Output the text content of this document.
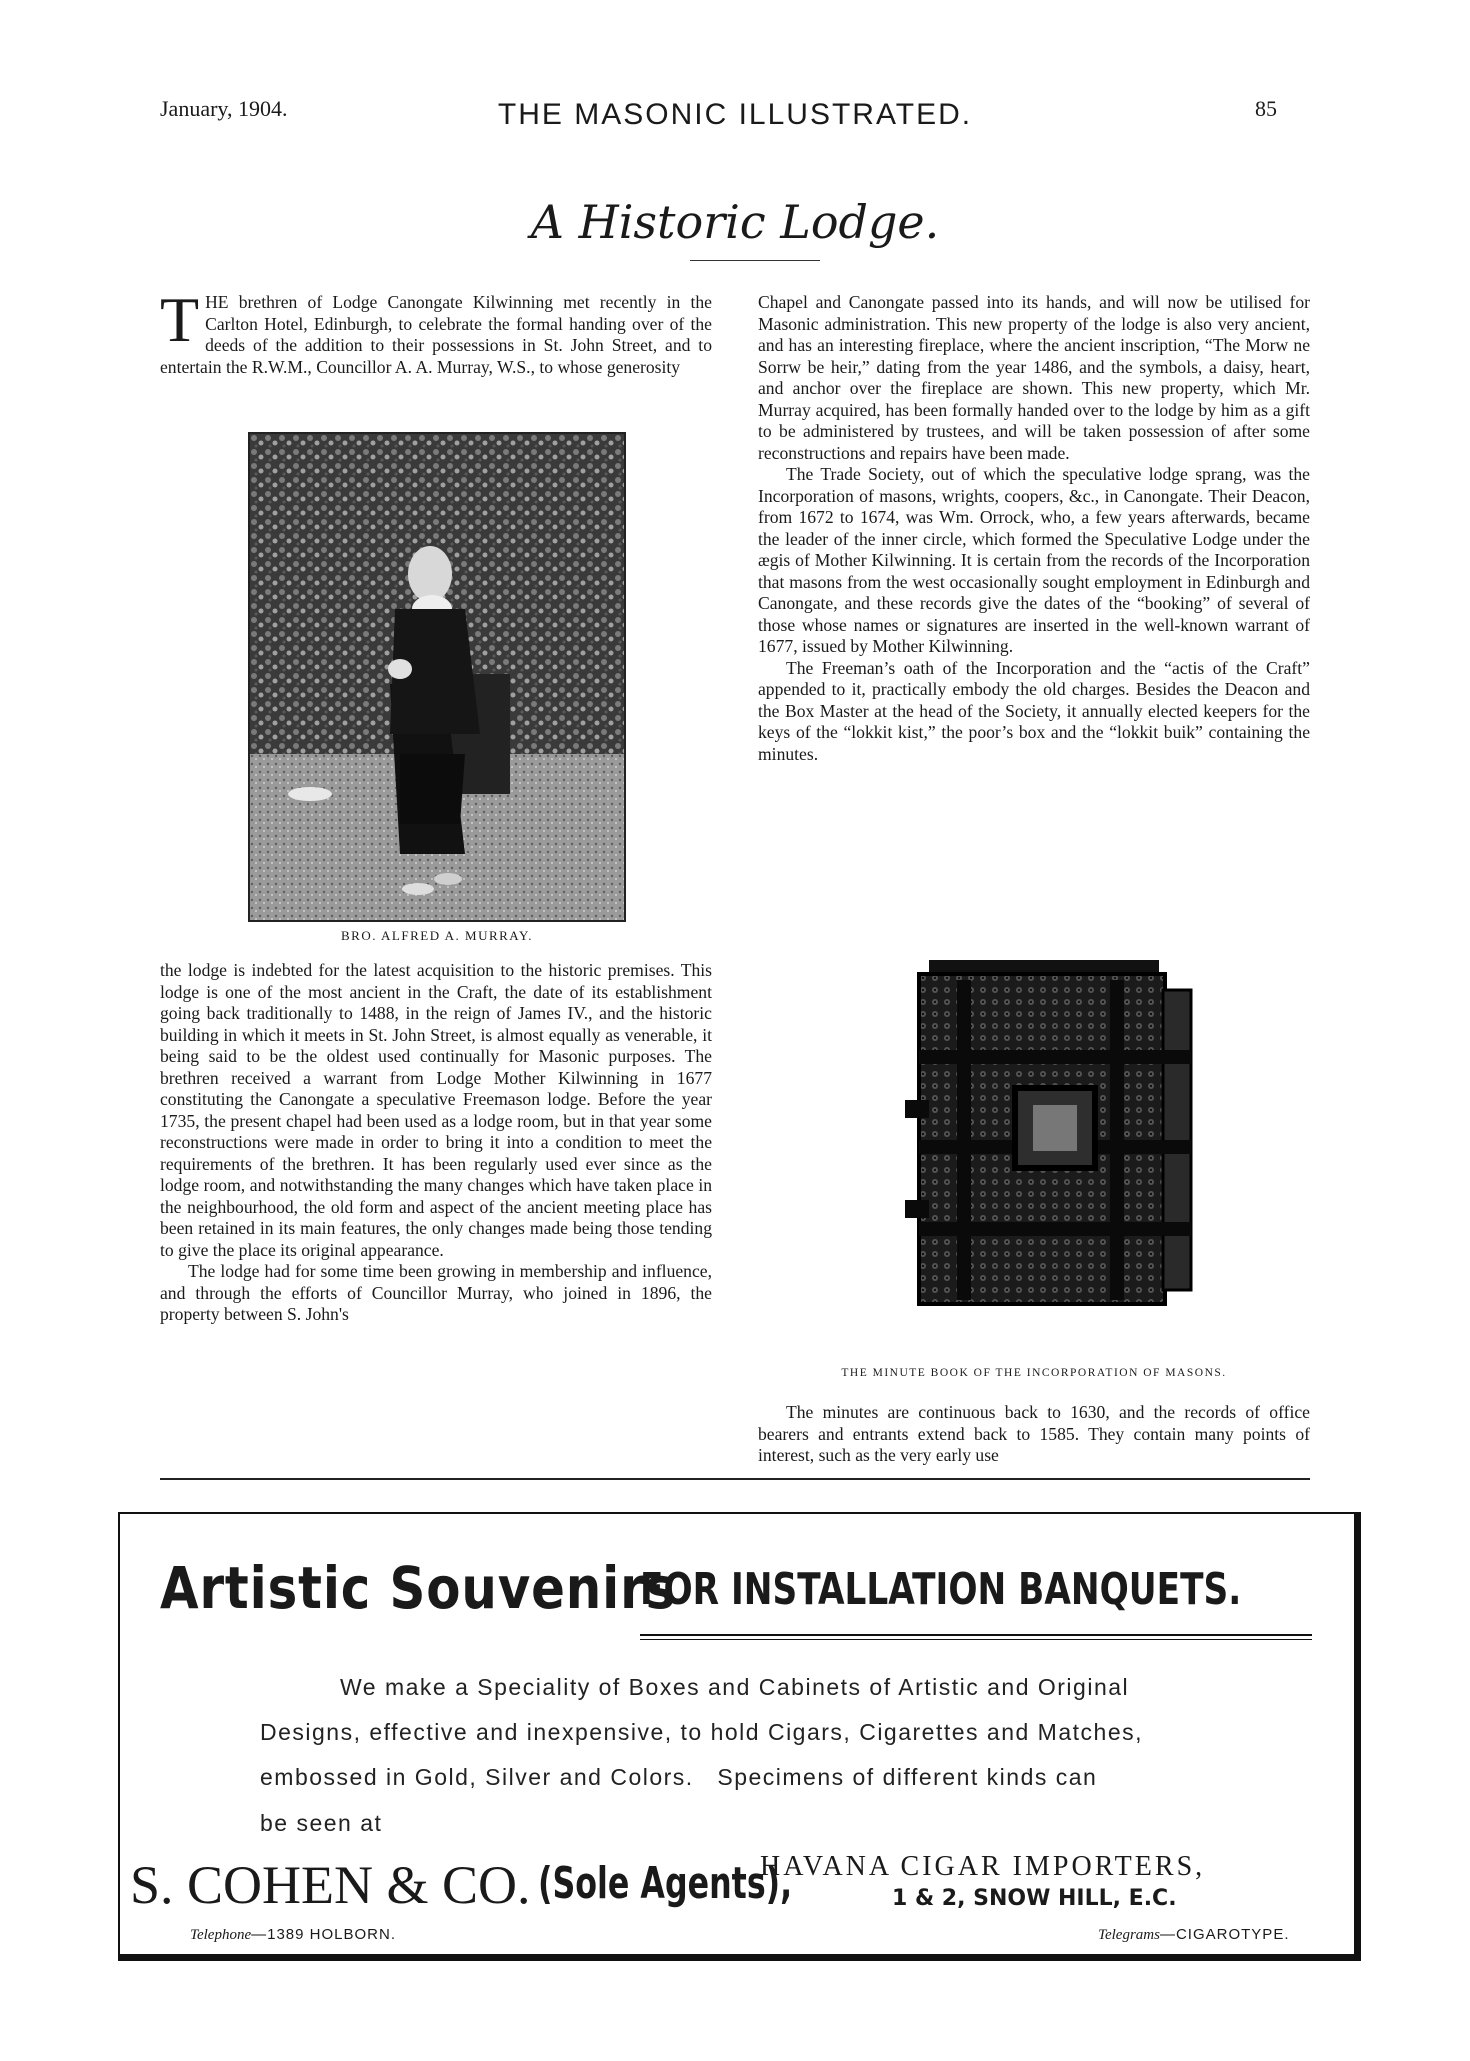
January, 1904.	THE MASONIC ILLUSTRATED.	85
A Historic Lodge.

THE brethren of Lodge Canongate Kilwinning met recently in the Carlton Hotel, Edinburgh, to celebrate the formal handing over of the deeds of the addition to their possessions in St. John Street, and to entertain the R.W.M., Councillor A. A. Murray, W.S., to whose generosity

BRO. ALFRED A. MURRAY.

the lodge is indebted for the latest acquisition to the historic premises. This lodge is one of the most ancient in the Craft, the date of its establishment going back traditionally to 1488, in the reign of James IV., and the historic building in which it meets in St. John Street, is almost equally as venerable, it being said to be the oldest used continually for Masonic purposes. The brethren received a warrant from Lodge Mother Kilwinning in 1677 constituting the Canongate a speculative Freemason lodge. Before the year 1735, the present chapel had been used as a lodge room, but in that year some reconstructions were made in order to bring it into a condition to meet the requirements of the brethren. It has been regularly used ever since as the lodge room, and notwithstanding the many changes which have taken place in the neighbourhood, the old form and aspect of the ancient meeting place has been retained in its main features, the only changes made being those tending to give the place its original appearance.

The lodge had for some time been growing in membership and influence, and through the efforts of Councillor Murray, who joined in 1896, the property between S. John's

Chapel and Canongate passed into its hands, and will now be utilised for Masonic administration. This new property of the lodge is also very ancient, and has an interesting fireplace, where the ancient inscription, “The Morw ne Sorrw be heir,” dating from the year 1486, and the symbols, a daisy, heart, and anchor over the fireplace are shown. This new property, which Mr. Murray acquired, has been formally handed over to the lodge by him as a gift to be administered by trustees, and will be taken possession of after some reconstructions and repairs have been made.

The Trade Society, out of which the speculative lodge sprang, was the Incorporation of masons, wrights, coopers, &c., in Canongate. Their Deacon, from 1672 to 1674, was Wm. Orrock, who, a few years afterwards, became the leader of the inner circle, which formed the Speculative Lodge under the ægis of Mother Kilwinning. It is certain from the records of the Incorporation that masons from the west occasionally sought employment in Edinburgh and Canongate, and these records give the dates of the “booking” of several of those whose names or signatures are inserted in the well-known warrant of 1677, issued by Mother Kilwinning.

The Freeman’s oath of the Incorporation and the “actis of the Craft” appended to it, practically embody the old charges. Besides the Deacon and the Box Master at the head of the Society, it annually elected keepers for the keys of the “lokkit kist,” the poor’s box and the “lokkit buik” containing the minutes.

THE MINUTE BOOK OF THE INCORPORATION OF MASONS.

The minutes are continuous back to 1630, and the records of office bearers and entrants extend back to 1585. They contain many points of interest, such as the very early use

Artistic Souvenirs
FOR INSTALLATION BANQUETS.
We make a Speciality of Boxes and Cabinets of Artistic and Original
Designs, effective and inexpensive, to hold Cigars, Cigarettes and Matches,
embossed in Gold, Silver and Colors.   Specimens of different kinds can
be seen at
S. COHEN & CO. (Sole Agents),
HAVANA CIGAR IMPORTERS,
1 & 2, SNOW HILL, E.C.
Telephone—1389 HOLBORN.	Telegrams—CIGAROTYPE.
